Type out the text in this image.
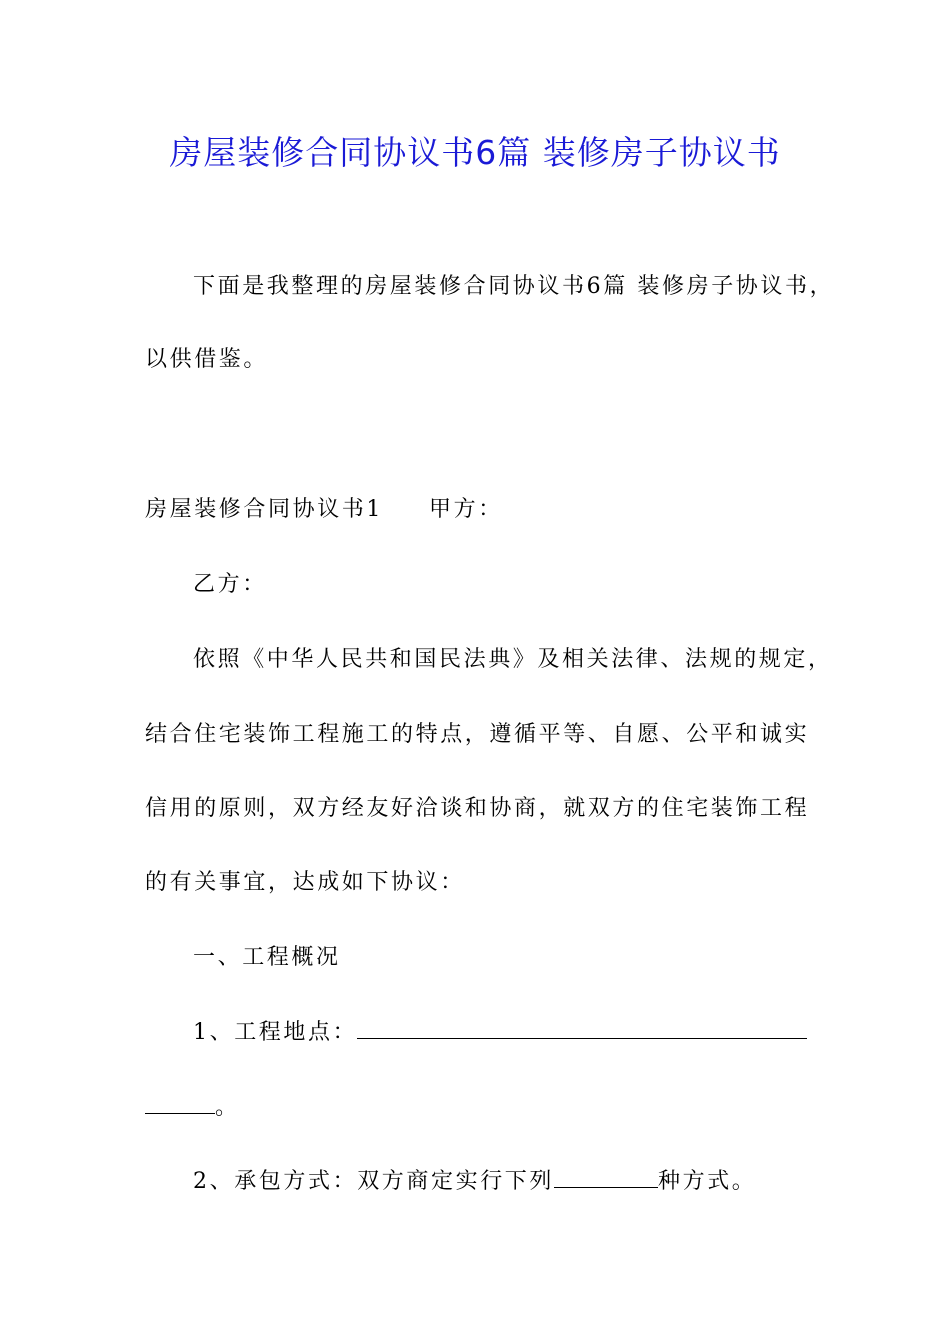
房屋装修合同协议书6篇 装修房子协议书
下面是我整理的房屋装修合同协议书6篇 装修房子协议书，
以供借鉴。
房屋装修合同协议书1 甲方：
乙方：
依照《中华人民共和国民法典》及相关法律、法规的规定，
结合住宅装饰工程施工的特点，遵循平等、自愿、公平和诚实
信用的原则，双方经友好洽谈和协商，就双方的住宅装饰工程
的有关事宜，达成如下协议：
一、工程概况
1、工程地点：
。
2、承包方式：双方商定实行下列	种方式。
